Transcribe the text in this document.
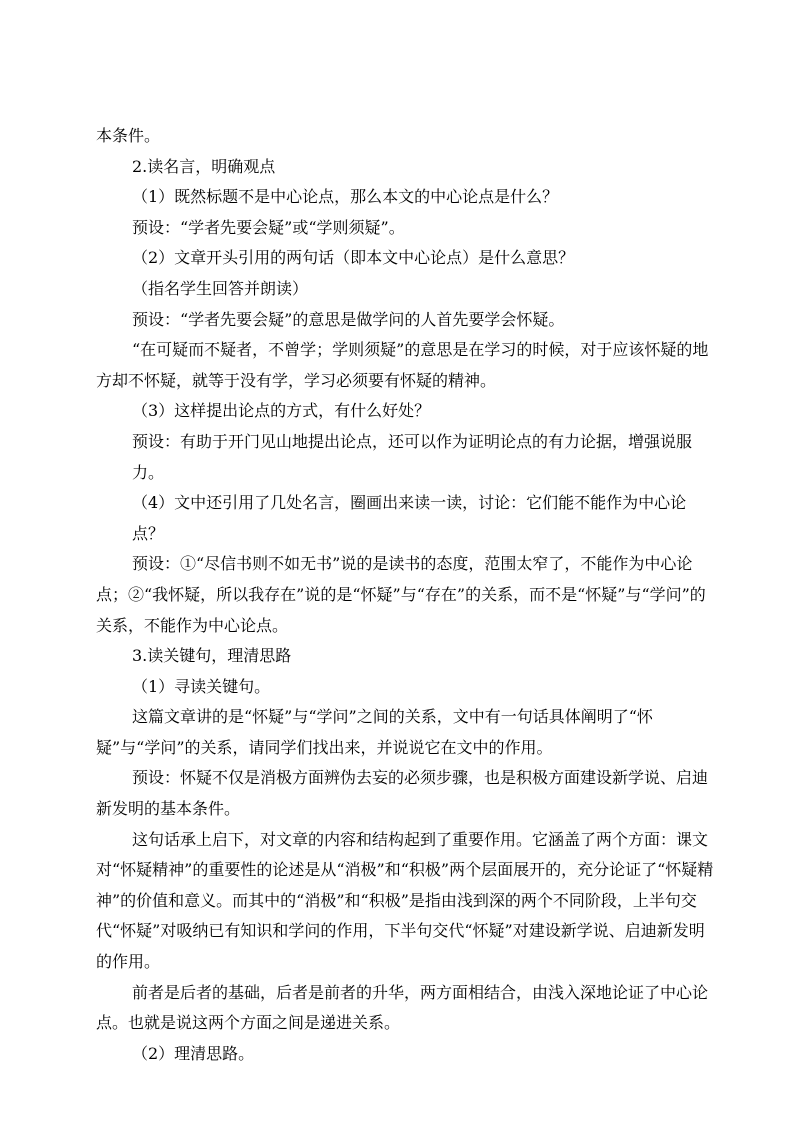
本条件。

2.读名言，明确观点

（1）既然标题不是中心论点，那么本文的中心论点是什么？

预设：“学者先要会疑”或“学则须疑”。

（2）文章开头引用的两句话（即本文中心论点）是什么意思？

（指名学生回答并朗读）

预设：“学者先要会疑”的意思是做学问的人首先要学会怀疑。

“在可疑而不疑者，不曾学；学则须疑”的意思是在学习的时候，对于应该怀疑的地方却不怀疑，就等于没有学，学习必须要有怀疑的精神。

（3）这样提出论点的方式，有什么好处？

预设：有助于开门见山地提出论点，还可以作为证明论点的有力论据，增强说服力。

（4）文中还引用了几处名言，圈画出来读一读，讨论：它们能不能作为中心论点？

预设：①“尽信书则不如无书”说的是读书的态度，范围太窄了，不能作为中心论点；②“我怀疑，所以我存在”说的是“怀疑”与“存在”的关系，而不是“怀疑”与“学问”的关系，不能作为中心论点。

3.读关键句，理清思路

（1）寻读关键句。

这篇文章讲的是“怀疑”与“学问”之间的关系，文中有一句话具体阐明了“怀疑”与“学问”的关系，请同学们找出来，并说说它在文中的作用。

预设：怀疑不仅是消极方面辨伪去妄的必须步骤，也是积极方面建设新学说、启迪新发明的基本条件。

这句话承上启下，对文章的内容和结构起到了重要作用。它涵盖了两个方面：课文对“怀疑精神”的重要性的论述是从“消极”和“积极”两个层面展开的，充分论证了“怀疑精神”的价值和意义。而其中的“消极”和“积极”是指由浅到深的两个不同阶段，上半句交代“怀疑”对吸纳已有知识和学问的作用，下半句交代“怀疑”对建设新学说、启迪新发明的作用。

前者是后者的基础，后者是前者的升华，两方面相结合，由浅入深地论证了中心论点。也就是说这两个方面之间是递进关系。

（2）理清思路。
